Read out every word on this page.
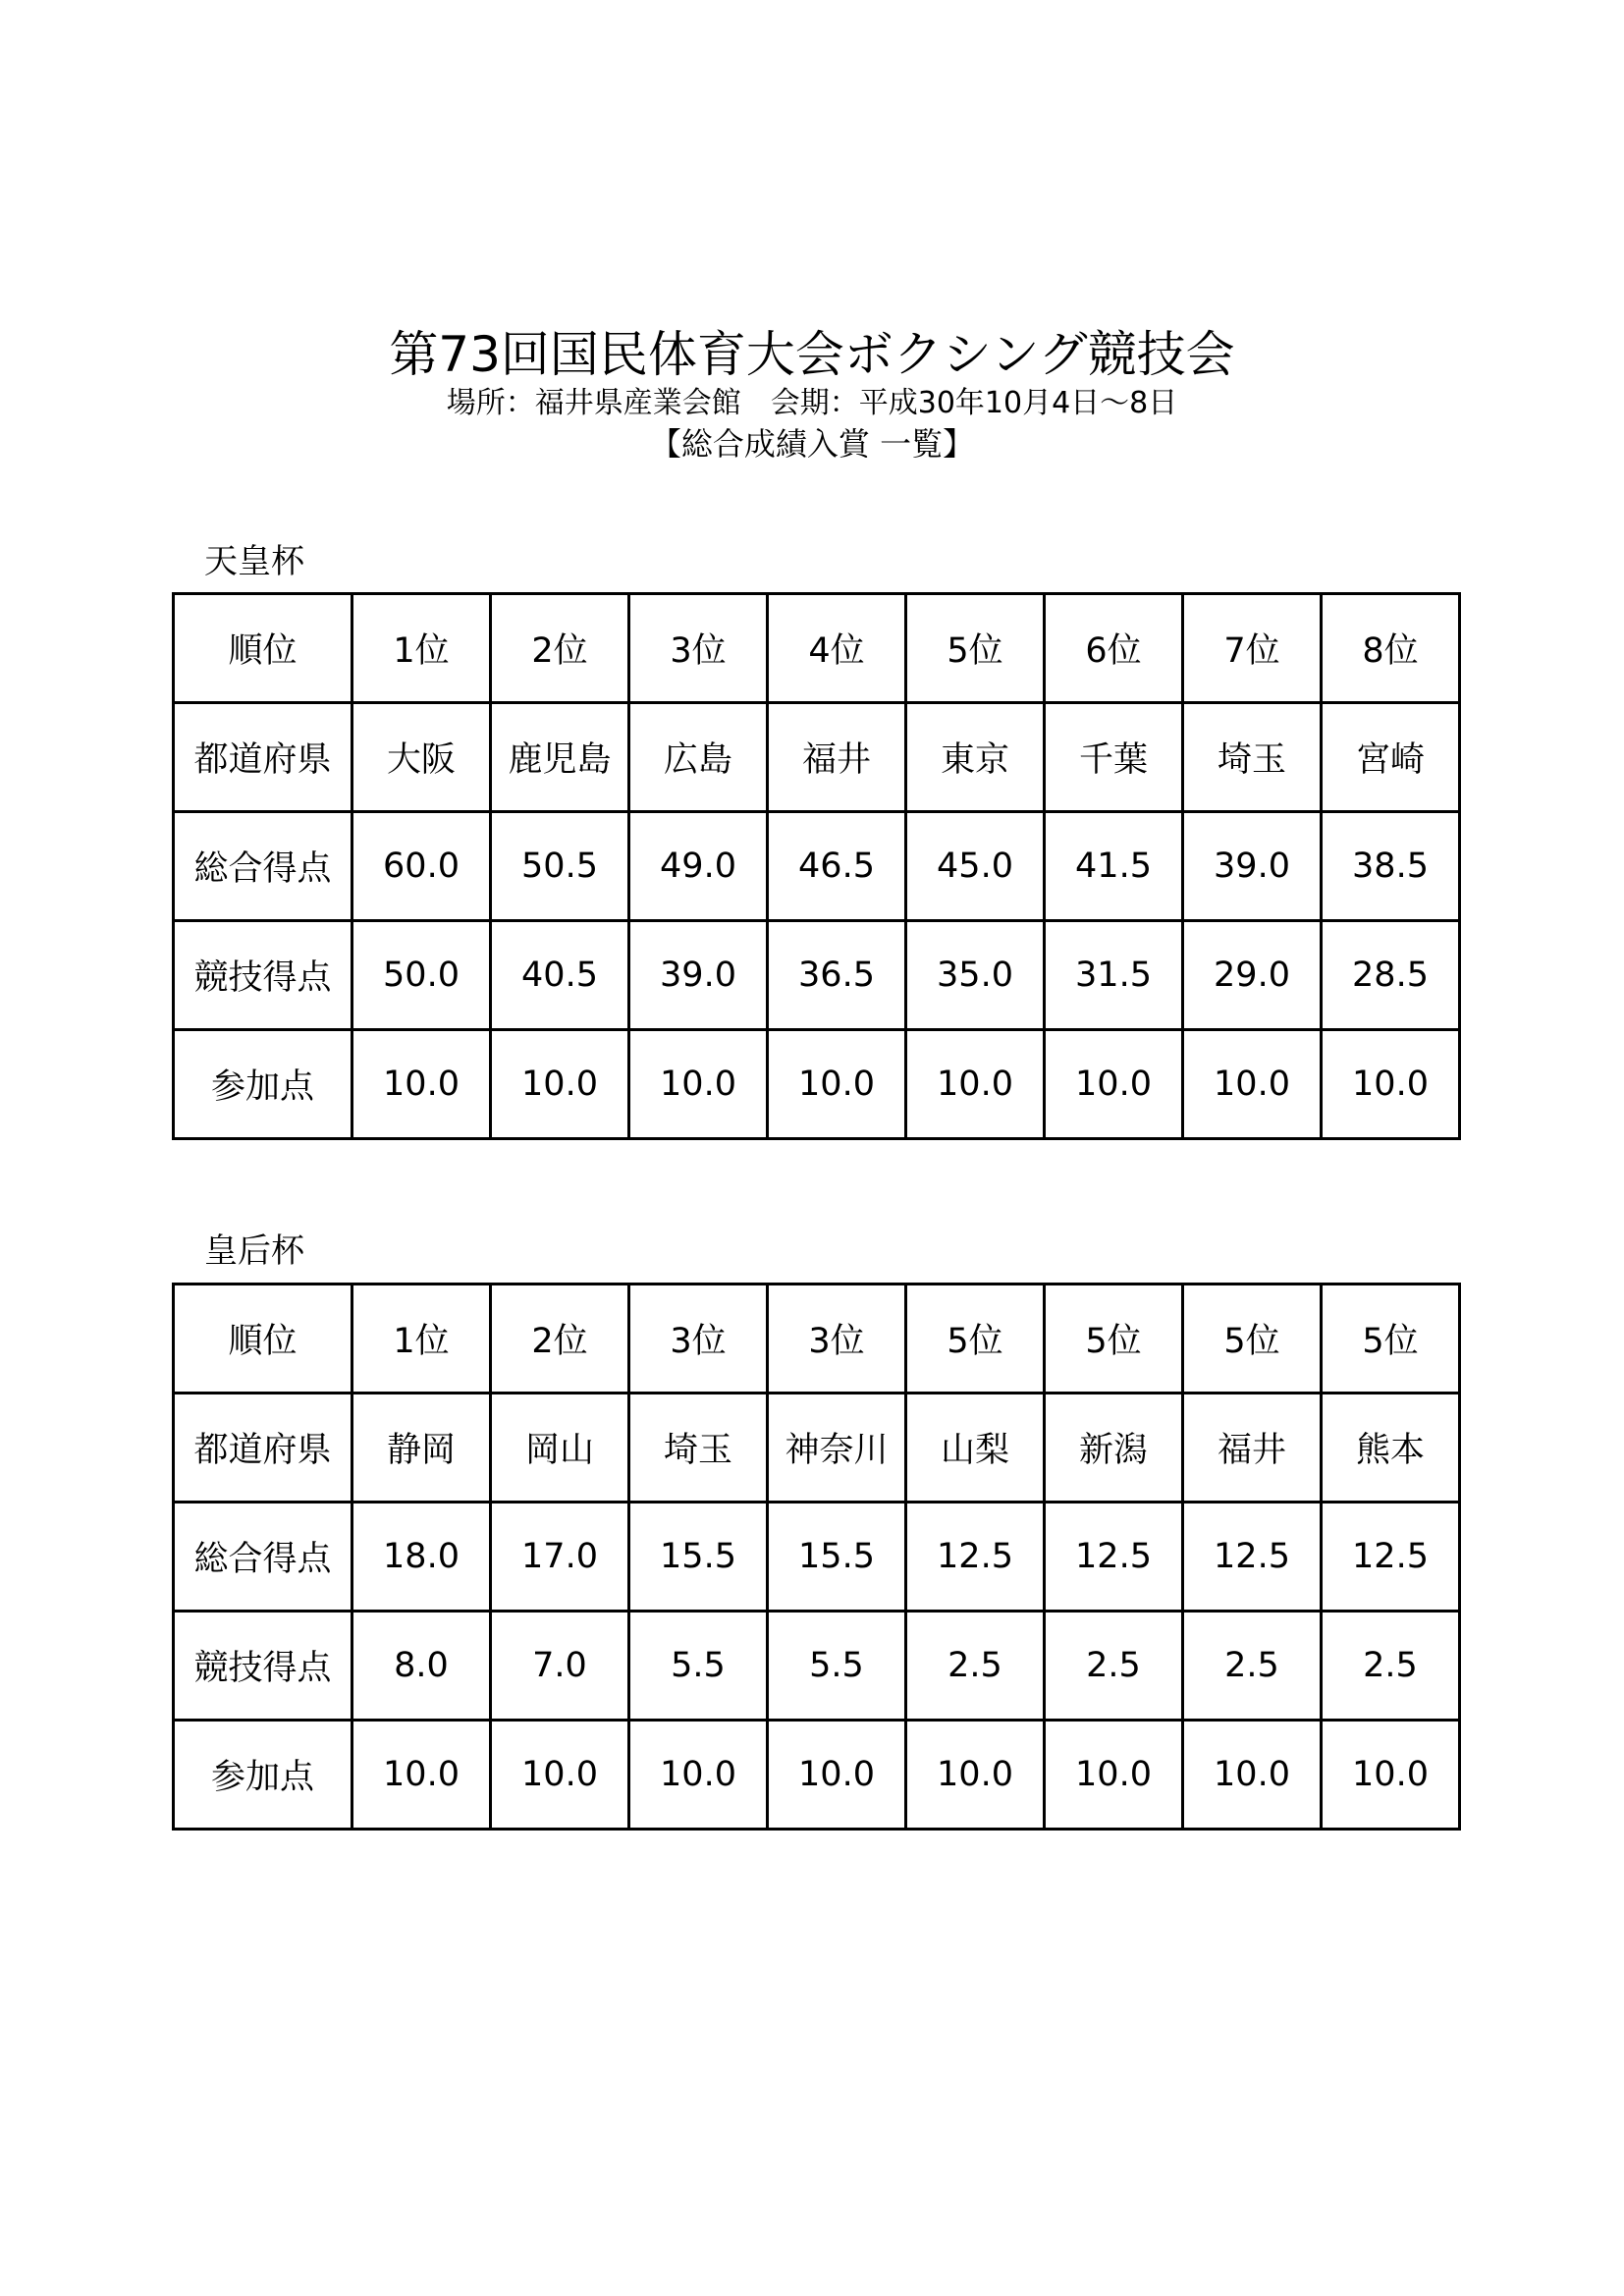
第73回国民体育大会ボクシング競技会
場所：福井県産業会館　会期：平成30年10月4日～8日
【総合成績入賞 一覧】
天皇杯
順位	1位	2位	3位	4位	5位	6位	7位	8位
都道府県	大阪	鹿児島	広島	福井	東京	千葉	埼玉	宮崎
総合得点	60.0	50.5	49.0	46.5	45.0	41.5	39.0	38.5
競技得点	50.0	40.5	39.0	36.5	35.0	31.5	29.0	28.5
参加点	10.0	10.0	10.0	10.0	10.0	10.0	10.0	10.0
皇后杯
順位	1位	2位	3位	3位	5位	5位	5位	5位
都道府県	静岡	岡山	埼玉	神奈川	山梨	新潟	福井	熊本
総合得点	18.0	17.0	15.5	15.5	12.5	12.5	12.5	12.5
競技得点	8.0	7.0	5.5	5.5	2.5	2.5	2.5	2.5
参加点	10.0	10.0	10.0	10.0	10.0	10.0	10.0	10.0
